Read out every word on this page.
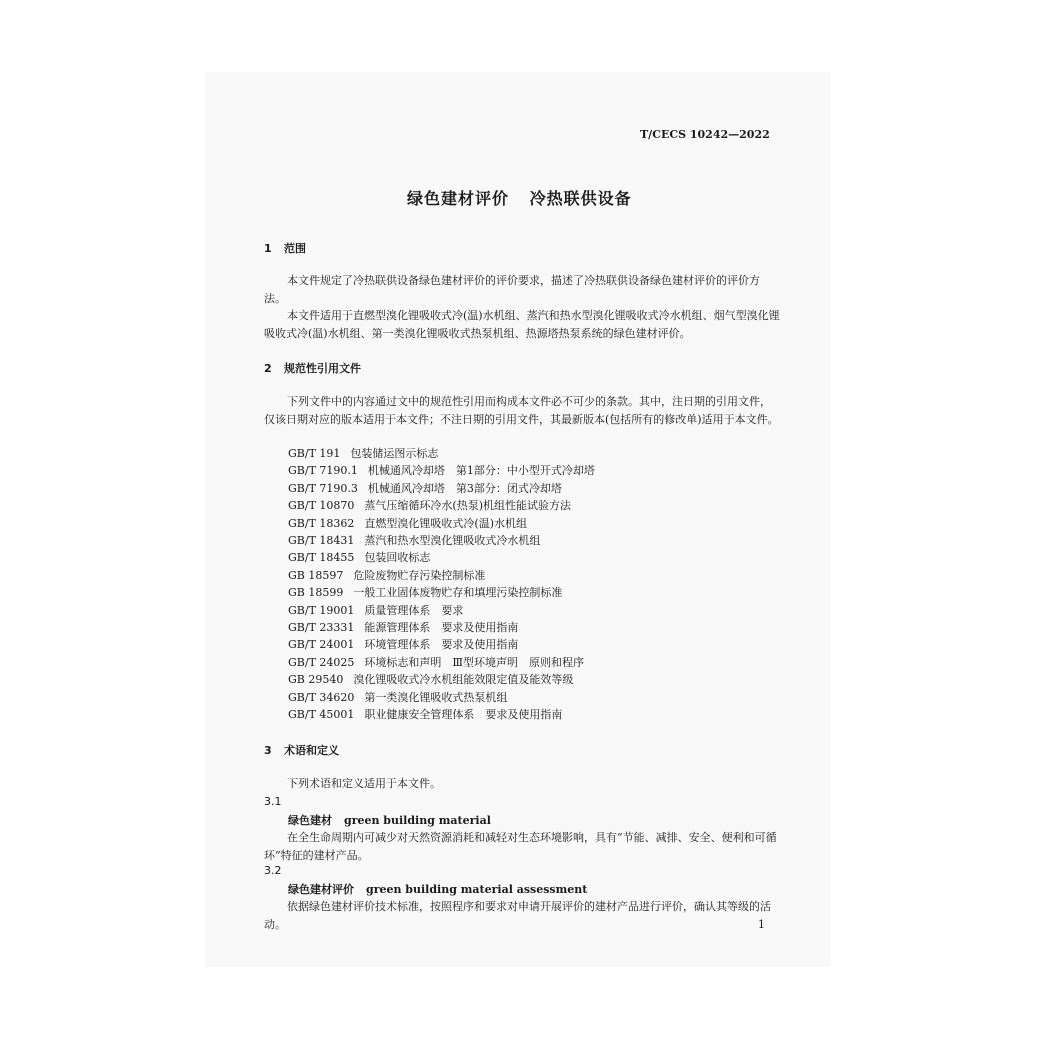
T/CECS 10242—2022
绿色建材评价 冷热联供设备
1 范围

本文件规定了冷热联供设备绿色建材评价的评价要求，描述了冷热联供设备绿色建材评价的评价方法。

本文件适用于直燃型溴化锂吸收式冷(温)水机组、蒸汽和热水型溴化锂吸收式冷水机组、烟气型溴化锂吸收式冷(温)水机组、第一类溴化锂吸收式热泵机组、热源塔热泵系统的绿色建材评价。

2 规范性引用文件

下列文件中的内容通过文中的规范性引用而构成本文件必不可少的条款。其中，注日期的引用文件，仅该日期对应的版本适用于本文件；不注日期的引用文件，其最新版本(包括所有的修改单)适用于本文件。

GB/T 191 包装储运图示标志
GB/T 7190.1 机械通风冷却塔　第1部分：中小型开式冷却塔
GB/T 7190.3 机械通风冷却塔　第3部分：闭式冷却塔
GB/T 10870 蒸气压缩循环冷水(热泵)机组性能试验方法
GB/T 18362 直燃型溴化锂吸收式冷(温)水机组
GB/T 18431 蒸汽和热水型溴化锂吸收式冷水机组
GB/T 18455 包装回收标志
GB 18597 危险废物贮存污染控制标准
GB 18599 一般工业固体废物贮存和填埋污染控制标准
GB/T 19001 质量管理体系　要求
GB/T 23331 能源管理体系　要求及使用指南
GB/T 24001 环境管理体系　要求及使用指南
GB/T 24025 环境标志和声明　Ⅲ型环境声明　原则和程序
GB 29540 溴化锂吸收式冷水机组能效限定值及能效等级
GB/T 34620 第一类溴化锂吸收式热泵机组
GB/T 45001 职业健康安全管理体系　要求及使用指南
3 术语和定义

下列术语和定义适用于本文件。

3.1
绿色建材 green building material

在全生命周期内可减少对天然资源消耗和减轻对生态环境影响，具有“节能、减排、安全、便利和可循环”特征的建材产品。

3.2
绿色建材评价 green building material assessment

依据绿色建材评价技术标准，按照程序和要求对申请开展评价的建材产品进行评价，确认其等级的活动。	1
